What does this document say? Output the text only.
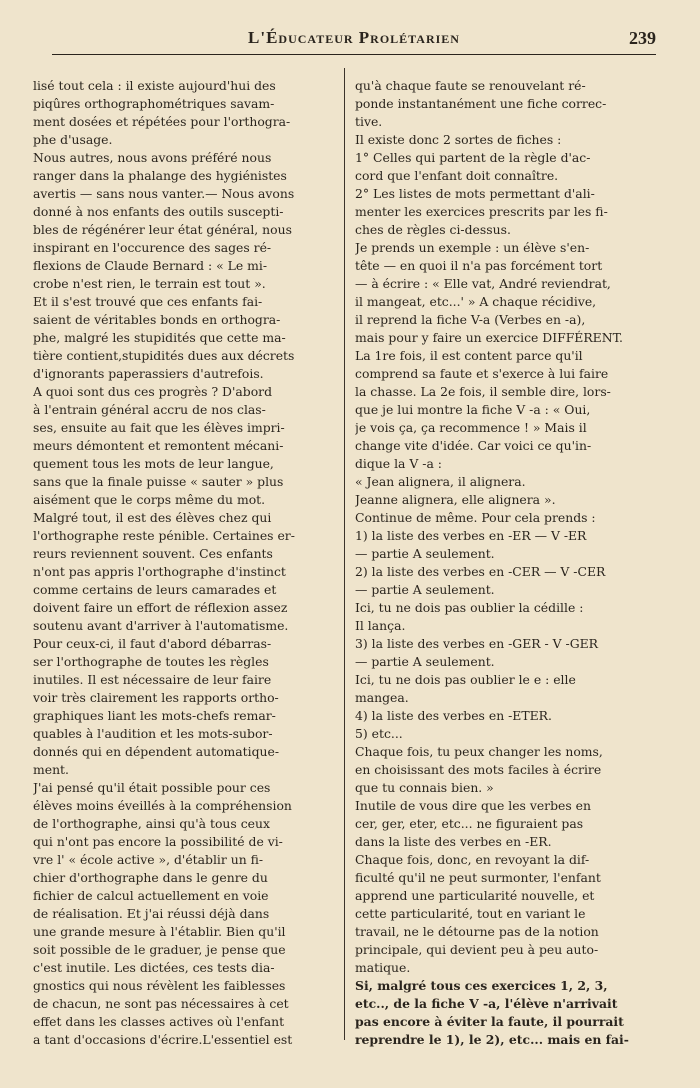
L'Éducateur Prolétarien	239
lisé tout cela : il existe aujourd'hui des
piqûres orthographométriques savam-
ment dosées et répétées pour l'orthogra-
phe d'usage.
Nous autres, nous avons préféré nous
ranger dans la phalange des hygiénistes
avertis — sans nous vanter.— Nous avons
donné à nos enfants des outils suscepti-
bles de régénérer leur état général, nous
inspirant en l'occurence des sages ré-
flexions de Claude Bernard : « Le mi-
crobe n'est rien, le terrain est tout ».
Et il s'est trouvé que ces enfants fai-
saient de véritables bonds en orthogra-
phe, malgré les stupidités que cette ma-
tière contient,stupidités dues aux décrets
d'ignorants paperassiers d'autrefois.
A quoi sont dus ces progrès ? D'abord
à l'entrain général accru de nos clas-
ses, ensuite au fait que les élèves impri-
meurs démontent et remontent mécani-
quement tous les mots de leur langue,
sans que la finale puisse « sauter » plus
aisément que le corps même du mot.
Malgré tout, il est des élèves chez qui
l'orthographe reste pénible. Certaines er-
reurs reviennent souvent. Ces enfants
n'ont pas appris l'orthographe d'instinct
comme certains de leurs camarades et
doivent faire un effort de réflexion assez
soutenu avant d'arriver à l'automatisme.
Pour ceux-ci, il faut d'abord débarras-
ser l'orthographe de toutes les règles
inutiles. Il est nécessaire de leur faire
voir très clairement les rapports ortho-
graphiques liant les mots-chefs remar-
quables à l'audition et les mots-subor-
donnés qui en dépendent automatique-
ment.
J'ai pensé qu'il était possible pour ces
élèves moins éveillés à la compréhension
de l'orthographe, ainsi qu'à tous ceux
qui n'ont pas encore la possibilité de vi-
vre l' « école active », d'établir un fi-
chier d'orthographe dans le genre du
fichier de calcul actuellement en voie
de réalisation. Et j'ai réussi déjà dans
une grande mesure à l'établir. Bien qu'il
soit possible de le graduer, je pense que
c'est inutile. Les dictées, ces tests dia-
gnostics qui nous révèlent les faiblesses
de chacun, ne sont pas nécessaires à cet
effet dans les classes actives où l'enfant
a tant d'occasions d'écrire.L'essentiel est
qu'à chaque faute se renouvelant ré-
ponde instantanément une fiche correc-
tive.
Il existe donc 2 sortes de fiches :
1° Celles qui partent de la règle d'ac-
cord que l'enfant doit connaître.
2° Les listes de mots permettant d'ali-
menter les exercices prescrits par les fi-
ches de règles ci-dessus.
Je prends un exemple : un élève s'en-
tête — en quoi il n'a pas forcément tort
— à écrire : « Elle vat, André reviendrat,
il mangeat, etc...' » A chaque récidive,
il reprend la fiche V-a (Verbes en -a),
mais pour y faire un exercice DIFFÉRENT.
La 1re fois, il est content parce qu'il
comprend sa faute et s'exerce à lui faire
la chasse. La 2e fois, il semble dire, lors-
que je lui montre la fiche V -a : « Oui,
je vois ça, ça recommence ! » Mais il
change vite d'idée. Car voici ce qu'in-
dique la V -a :
« Jean alignera, il alignera.
Jeanne alignera, elle alignera ».
Continue de même. Pour cela prends :
1) la liste des verbes en -ER — V -ER
— partie A seulement.
2) la liste des verbes en -CER — V -CER
— partie A seulement.
Ici, tu ne dois pas oublier la cédille :
Il lança.
3) la liste des verbes en -GER - V -GER
— partie A seulement.
Ici, tu ne dois pas oublier le e : elle
mangea.
4) la liste des verbes en -ETER.
5) etc...
Chaque fois, tu peux changer les noms,
en choisissant des mots faciles à écrire
que tu connais bien. »
Inutile de vous dire que les verbes en
cer, ger, eter, etc... ne figuraient pas
dans la liste des verbes en -ER.
Chaque fois, donc, en revoyant la dif-
ficulté qu'il ne peut surmonter, l'enfant
apprend une particularité nouvelle, et
cette particularité, tout en variant le
travail, ne le détourne pas de la notion
principale, qui devient peu à peu auto-
matique.
Si, malgré tous ces exercices 1, 2, 3,
etc.., de la fiche V -a, l'élève n'arrivait
pas encore à éviter la faute, il pourrait
reprendre le 1), le 2), etc... mais en fai-
